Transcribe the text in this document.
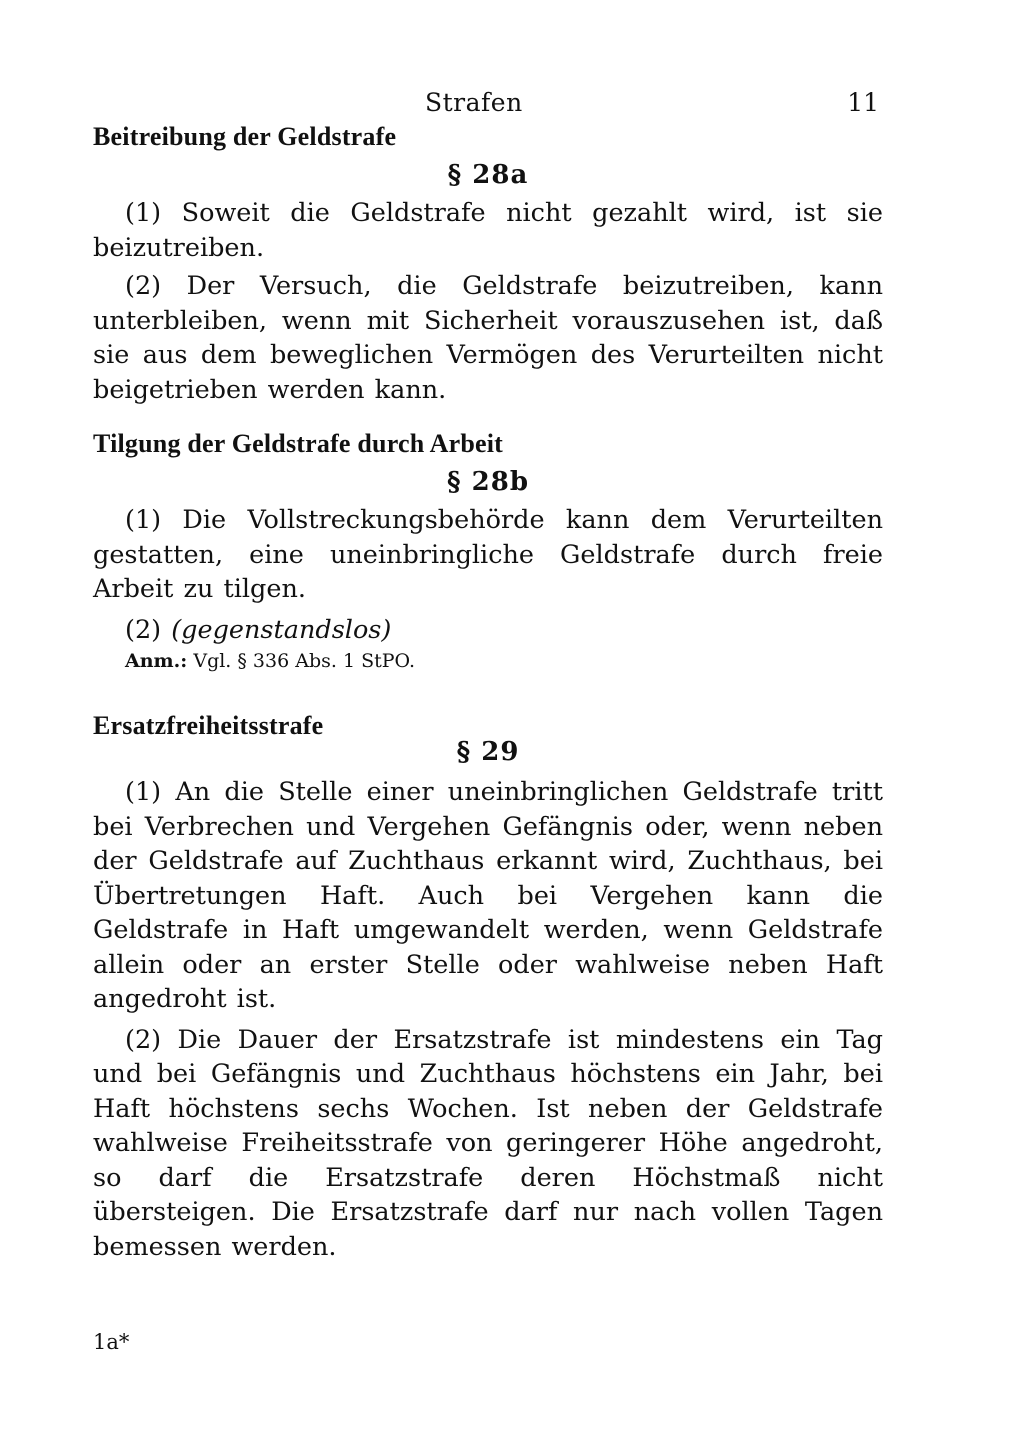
Strafen	11
Beitreibung der Geldstrafe

§ 28a

(1) Soweit die Geldstrafe nicht gezahlt wird, ist sie beizutreiben.

(2) Der Versuch, die Geldstrafe beizutreiben, kann unterbleiben, wenn mit Sicherheit vorauszusehen ist, daß sie aus dem beweglichen Vermögen des Verurteilten nicht beigetrieben werden kann.

Tilgung der Geldstrafe durch Arbeit

§ 28b

(1) Die Vollstreckungsbehörde kann dem Verurteilten gestatten, eine uneinbringliche Geldstrafe durch freie Arbeit zu tilgen.

(2) (gegenstandslos)

Anm.: Vgl. § 336 Abs. 1 StPO.

Ersatzfreiheitsstrafe

§ 29

(1) An die Stelle einer uneinbringlichen Geldstrafe tritt bei Verbrechen und Vergehen Gefängnis oder, wenn neben der Geldstrafe auf Zuchthaus erkannt wird, Zuchthaus, bei Übertretungen Haft. Auch bei Vergehen kann die Geldstrafe in Haft umgewandelt werden, wenn Geldstrafe allein oder an erster Stelle oder wahlweise neben Haft angedroht ist.

(2) Die Dauer der Ersatzstrafe ist mindestens ein Tag und bei Gefängnis und Zuchthaus höchstens ein Jahr, bei Haft höchstens sechs Wochen. Ist neben der Geldstrafe wahlweise Freiheitsstrafe von geringerer Höhe angedroht, so darf die Ersatzstrafe deren Höchstmaß nicht übersteigen. Die Ersatzstrafe darf nur nach vollen Tagen bemessen werden.

1a*
